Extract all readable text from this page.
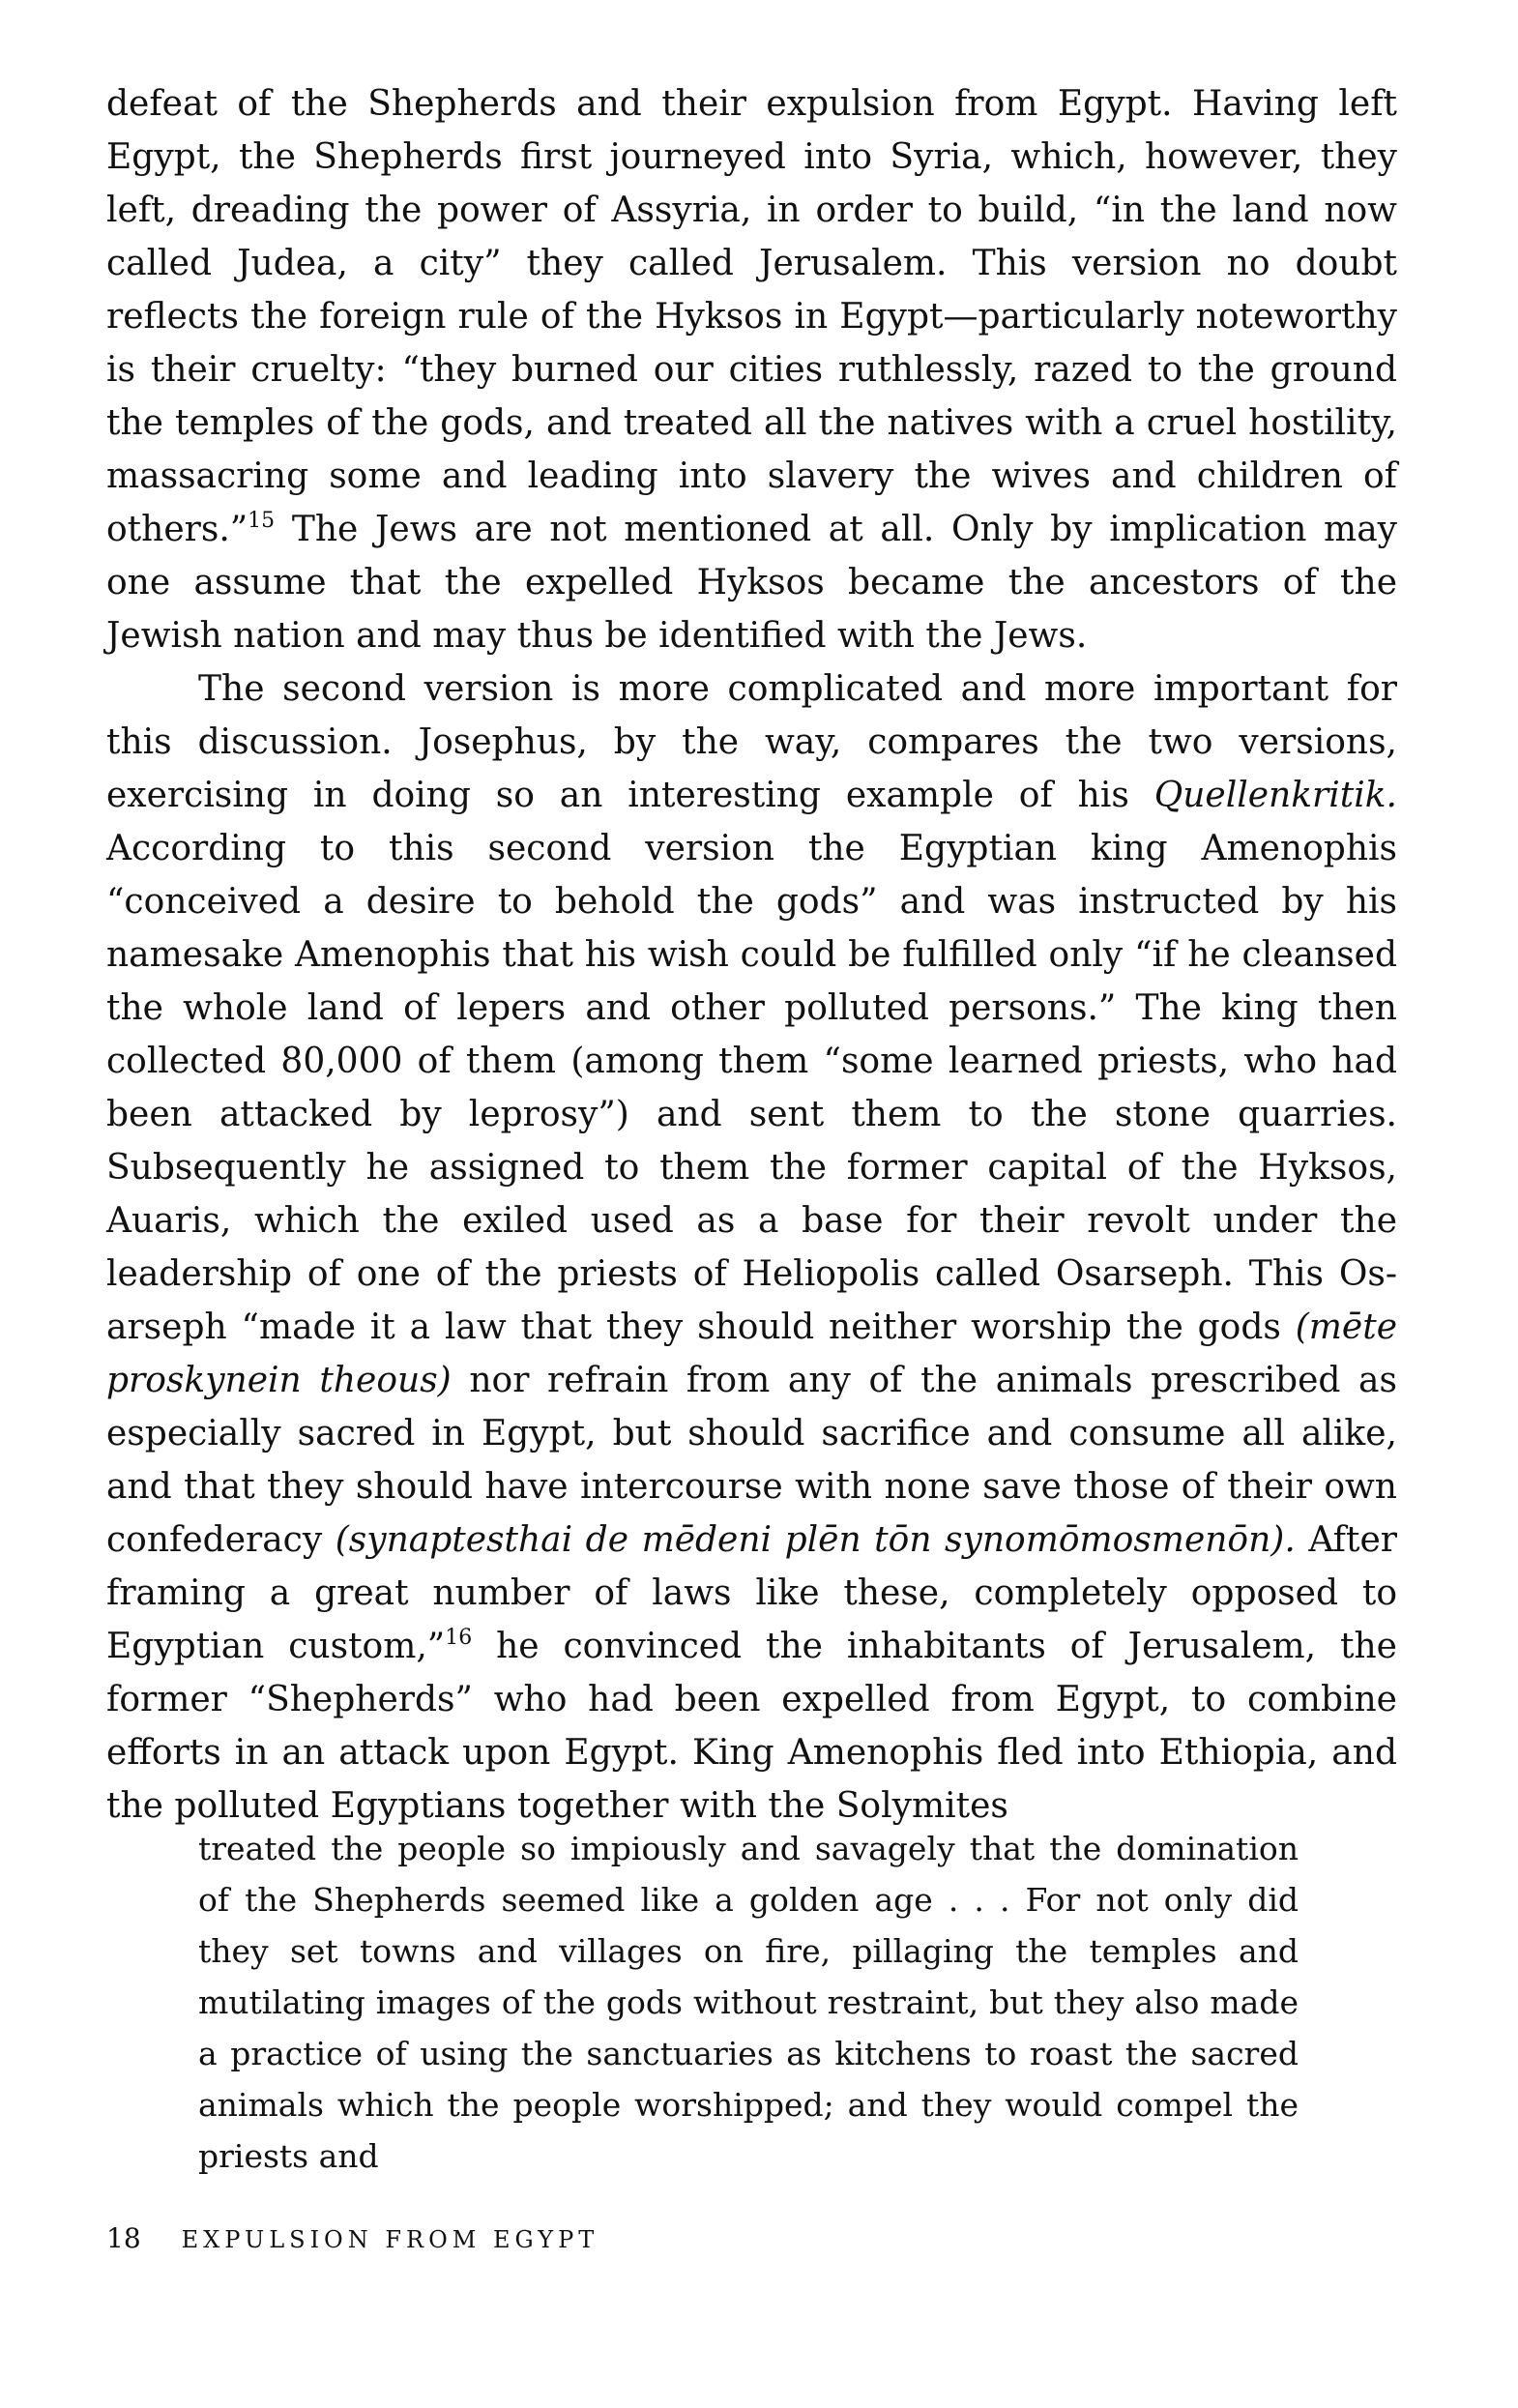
defeat of the Shepherds and their expulsion from Egypt. Having left Egypt, the Shepherds first journeyed into Syria, which, however, they left, dreading the power of Assyria, in order to build, “in the land now called Judea, a city” they called Jerusalem. This version no doubt reflects the foreign rule of the Hyksos in Egypt—particularly noteworthy is their cruelty: “they burned our cities ruthlessly, razed to the ground the temples of the gods, and treated all the natives with a cruel hostility, massacring some and leading into slavery the wives and children of others.”$^{15}$ The Jews are not mentioned at all. Only by implication may one assume that the expelled Hyksos became the ancestors of the Jewish nation and may thus be identified with the Jews.

The second version is more complicated and more important for this discussion. Josephus, by the way, compares the two versions, exercising in doing so an interesting example of his Quellenkritik. According to this second version the Egyptian king Amenophis “conceived a desire to behold the gods” and was instructed by his namesake Amenophis that his wish could be fulfilled only “if he cleansed the whole land of lepers and other polluted persons.” The king then collected 80,000 of them (among them “some learned priests, who had been attacked by leprosy”) and sent them to the stone quarries. Subsequently he assigned to them the former capital of the Hyksos, Auaris, which the exiled used as a base for their revolt under the leadership of one of the priests of Heliopolis called Osarseph. This Osarseph “made it a law that they should neither worship the gods (mēte proskynein theous) nor refrain from any of the animals prescribed as especially sacred in Egypt, but should sacrifice and consume all alike, and that they should have intercourse with none save those of their own confederacy (synaptesthai de mēdeni plēn tōn synomōmosmenōn). After framing a great number of laws like these, completely opposed to Egyptian custom,”$^{16}$ he convinced the inhabitants of Jerusalem, the former “Shepherds” who had been expelled from Egypt, to combine efforts in an attack upon Egypt. King Amenophis fled into Ethiopia, and the polluted Egyptians together with the Solymites

treated the people so impiously and savagely that the domination of the Shepherds seemed like a golden age . . . For not only did they set towns and villages on fire, pillaging the temples and mutilating images of the gods without restraint, but they also made a practice of using the sanctuaries as kitchens to roast the sacred animals which the people worshipped; and they would compel the priests and

18 EXPULSION FROM EGYPT
